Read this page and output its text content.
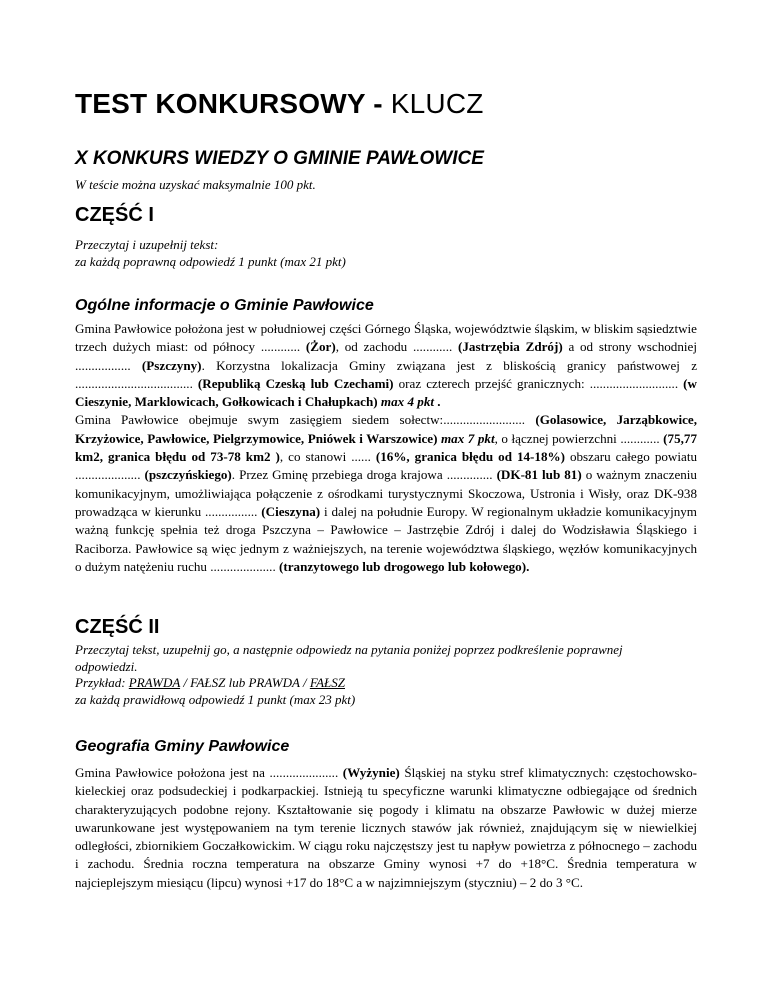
TEST KONKURSOWY - KLUCZ
X KONKURS WIEDZY O GMINIE PAWŁOWICE
W teście można uzyskać maksymalnie 100 pkt.
CZĘŚĆ I
Przeczytaj i uzupełnij tekst:
za każdą poprawną odpowiedź 1 punkt (max 21 pkt)
Ogólne informacje o Gminie Pawłowice
Gmina Pawłowice położona jest w południowej części Górnego Śląska, województwie śląskim, w bliskim sąsiedztwie trzech dużych miast: od północy ............ (Żor), od zachodu ............ (Jastrzębia Zdrój) a od strony wschodniej ................. (Pszczyny). Korzystna lokalizacja Gminy związana jest z bliskością granicy państwowej z .................................... (Republiką Czeską lub Czechami) oraz czterech przejść granicznych: ........................... (w Cieszynie, Marklowicach, Gołkowicach i Chałupkach) max 4 pkt .
Gmina Pawłowice obejmuje swym zasięgiem siedem sołectw:......................... (Golasowice, Jarząbkowice, Krzyżowice, Pawłowice, Pielgrzymowice, Pniówek i Warszowice) max 7 pkt, o łącznej powierzchni ............ (75,77 km2, granica błędu od 73-78 km2 ), co stanowi ...... (16%, granica błędu od 14-18%) obszaru całego powiatu .................... (pszczyńskiego). Przez Gminę przebiega droga krajowa .............. (DK-81 lub 81) o ważnym znaczeniu komunikacyjnym, umożliwiająca połączenie z ośrodkami turystycznymi Skoczowa, Ustronia i Wisły, oraz DK-938 prowadząca w kierunku ................ (Cieszyna) i dalej na południe Europy. W regionalnym układzie komunikacyjnym ważną funkcję spełnia też droga Pszczyna – Pawłowice – Jastrzębie Zdrój i dalej do Wodzisławia Śląskiego i Raciborza. Pawłowice są więc jednym z ważniejszych, na terenie województwa śląskiego, węzłów komunikacyjnych o dużym natężeniu ruchu .................... (tranzytowego lub drogowego lub kołowego).
CZĘŚĆ II
Przeczytaj tekst, uzupełnij go, a następnie odpowiedz na pytania poniżej poprzez podkreślenie poprawnej odpowiedzi.
Przykład: PRAWDA / FAŁSZ lub PRAWDA / FAŁSZ
za każdą prawidłową odpowiedź 1 punkt (max 23 pkt)
Geografia Gminy Pawłowice
Gmina Pawłowice położona jest na ..................... (Wyżynie) Śląskiej na styku stref klimatycznych: częstochowsko-kieleckiej oraz podsudeckiej i podkarpackiej. Istnieją tu specyficzne warunki klimatyczne odbiegające od średnich charakteryzujących podobne rejony. Kształtowanie się pogody i klimatu na obszarze Pawłowic w dużej mierze uwarunkowane jest występowaniem na tym terenie licznych stawów jak również, znajdującym się w niewielkiej odległości, zbiornikiem Goczałkowickim. W ciągu roku najczęstszy jest tu napływ powietrza z północnego – zachodu i zachodu. Średnia roczna temperatura na obszarze Gminy wynosi +7 do +18°C. Średnia temperatura w najcieplejszym miesiącu (lipcu) wynosi +17 do 18°C a w najzimniejszym (styczniu) – 2 do 3 °C.
